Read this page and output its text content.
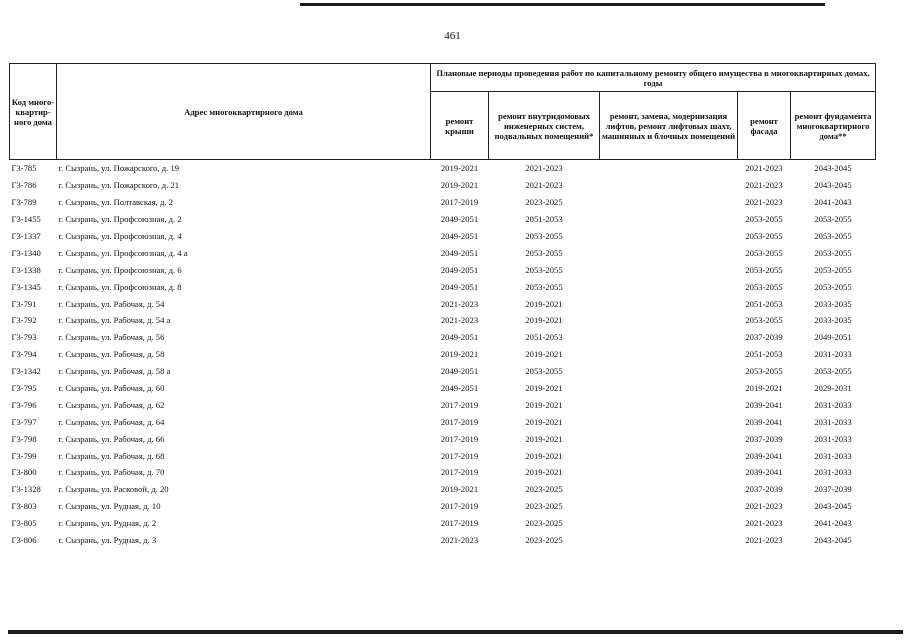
461
Код много-квартир-ного дома	Адрес многоквартирного дома	Плановые периоды проведения работ по капитальному ремонту общего имущества в многоквартирных домах, годы				
		ремонт крыши	ремонт внутридомовых инженерных систем, подвальных помещений*	ремонт, замена, модернизация лифтов, ремонт лифтовых шахт, машинных и блочных помещений	ремонт фасада	ремонт фундамента многоквартирного дома**
Г3-785	г. Сызрань, ул. Пожарского, д. 19	2019-2021	2021-2023		2021-2023	2043-2045
Г3-786	г. Сызрань, ул. Пожарского, д. 21	2019-2021	2021-2023		2021-2023	2043-2045
Г3-789	г. Сызрань, ул. Полтавская, д. 2	2017-2019	2023-2025		2021-2023	2041-2043
Г3-1455	г. Сызрань, ул. Профсоюзная, д. 2	2049-2051	2051-2053		2053-2055	2053-2055
Г3-1337	г. Сызрань, ул. Профсоюзная, д. 4	2049-2051	2053-2055		2053-2055	2053-2055
Г3-1340	г. Сызрань, ул. Профсоюзная, д. 4 а	2049-2051	2053-2055		2053-2055	2053-2055
Г3-1338	г. Сызрань, ул. Профсоюзная, д. 6	2049-2051	2053-2055		2053-2055	2053-2055
Г3-1345	г. Сызрань, ул. Профсоюзная, д. 8	2049-2051	2053-2055		2053-2055	2053-2055
Г3-791	г. Сызрань, ул. Рабочая, д. 54	2021-2023	2019-2021		2051-2053	2033-2035
Г3-792	г. Сызрань, ул. Рабочая, д. 54 а	2021-2023	2019-2021		2053-2055	2033-2035
Г3-793	г. Сызрань, ул. Рабочая, д. 56	2049-2051	2051-2053		2037-2039	2049-2051
Г3-794	г. Сызрань, ул. Рабочая, д. 58	2019-2021	2019-2021		2051-2053	2031-2033
Г3-1342	г. Сызрань, ул. Рабочая, д. 58 а	2049-2051	2053-2055		2053-2055	2053-2055
Г3-795	г. Сызрань, ул. Рабочая, д. 60	2049-2051	2019-2021		2019-2021	2029-2031
Г3-796	г. Сызрань, ул. Рабочая, д. 62	2017-2019	2019-2021		2039-2041	2031-2033
Г3-797	г. Сызрань, ул. Рабочая, д. 64	2017-2019	2019-2021		2039-2041	2031-2033
Г3-798	г. Сызрань, ул. Рабочая, д. 66	2017-2019	2019-2021		2037-2039	2031-2033
Г3-799	г. Сызрань, ул. Рабочая, д. 68	2017-2019	2019-2021		2039-2041	2031-2033
Г3-800	г. Сызрань, ул. Рабочая, д. 70	2017-2019	2019-2021		2039-2041	2031-2033
Г3-1328	г. Сызрань, ул. Расковой, д. 20	2019-2021	2023-2025		2037-2039	2037-2039
Г3-803	г. Сызрань, ул. Рудная, д. 10	2017-2019	2023-2025		2021-2023	2043-2045
Г3-805	г. Сызрань, ул. Рудная, д. 2	2017-2019	2023-2025		2021-2023	2041-2043
Г3-806	г. Сызрань, ул. Рудная, д. 3	2021-2023	2023-2025		2021-2023	2043-2045
